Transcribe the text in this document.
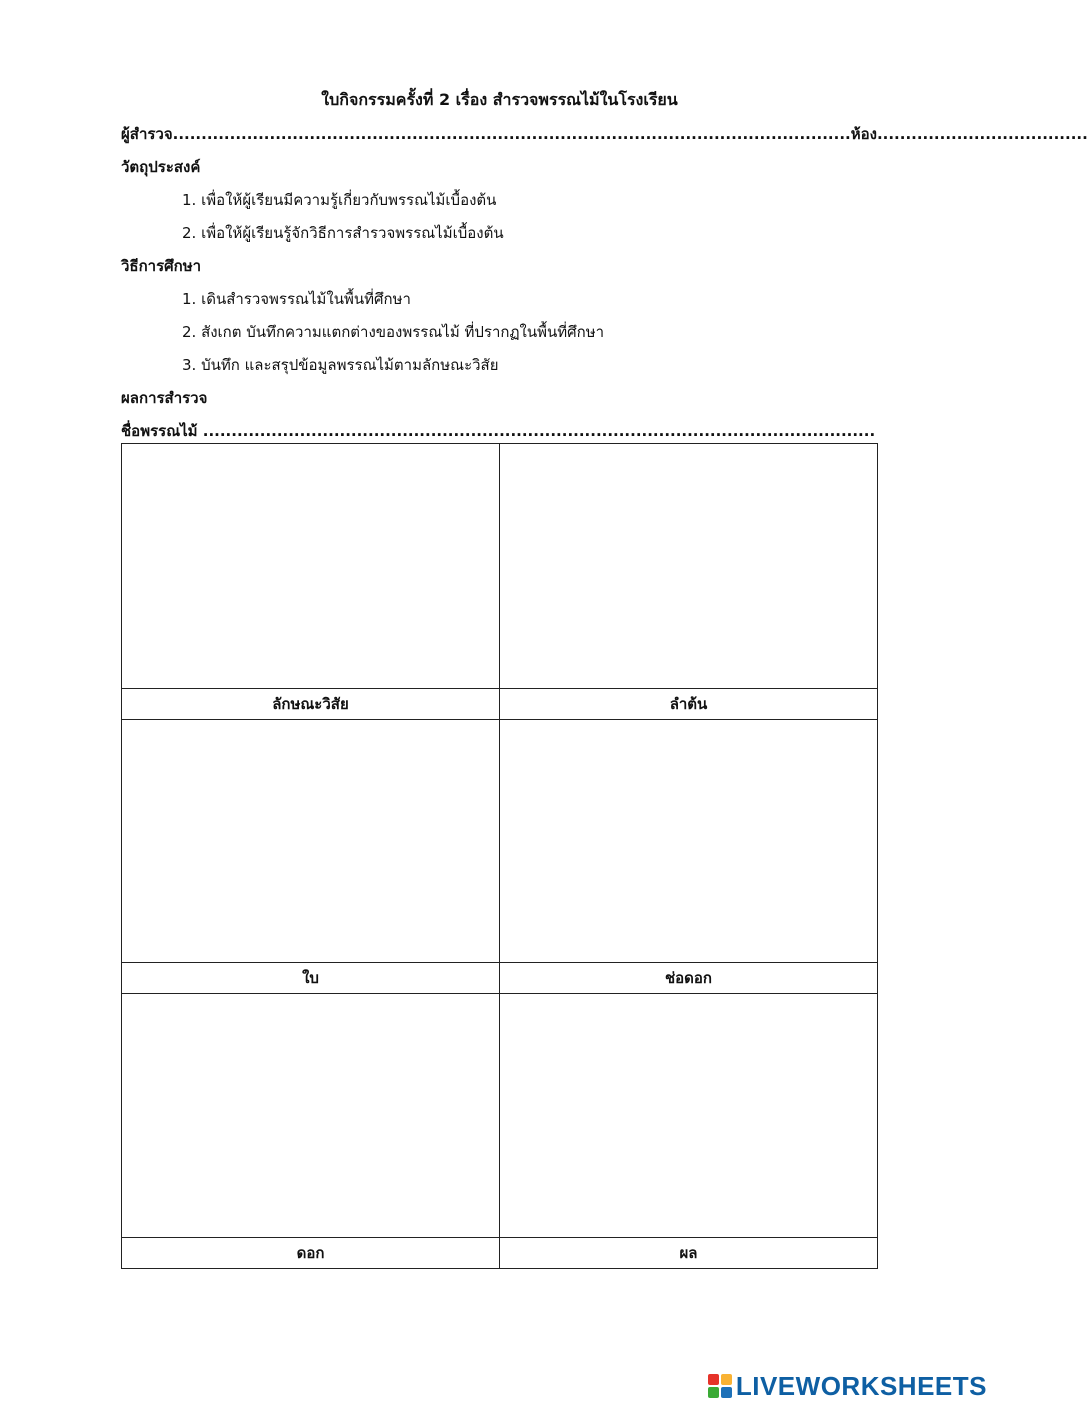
ใบกิจกรรมครั้งที่ 2 เรื่อง สำรวจพรรณไม้ในโรงเรียน
ผู้สำรวจ.......................................................................................................................ห้อง.....................................
วัตถุประสงค์
1. เพื่อให้ผู้เรียนมีความรู้เกี่ยวกับพรรณไม้เบื้องต้น
2. เพื่อให้ผู้เรียนรู้จักวิธีการสำรวจพรรณไม้เบื้องต้น
วิธีการศึกษา
1. เดินสำรวจพรรณไม้ในพื้นที่ศึกษา
2. สังเกต บันทึกความแตกต่างของพรรณไม้ ที่ปรากฏในพื้นที่ศึกษา
3. บันทึก และสรุปข้อมูลพรรณไม้ตามลักษณะวิสัย
ผลการสำรวจ
ชื่อพรรณไม้ ......................................................................................................................
ลักษณะวิสัย	ลำต้น
ใบ	ช่อดอก
ดอก	ผล
LIVEWORKSHEETS
